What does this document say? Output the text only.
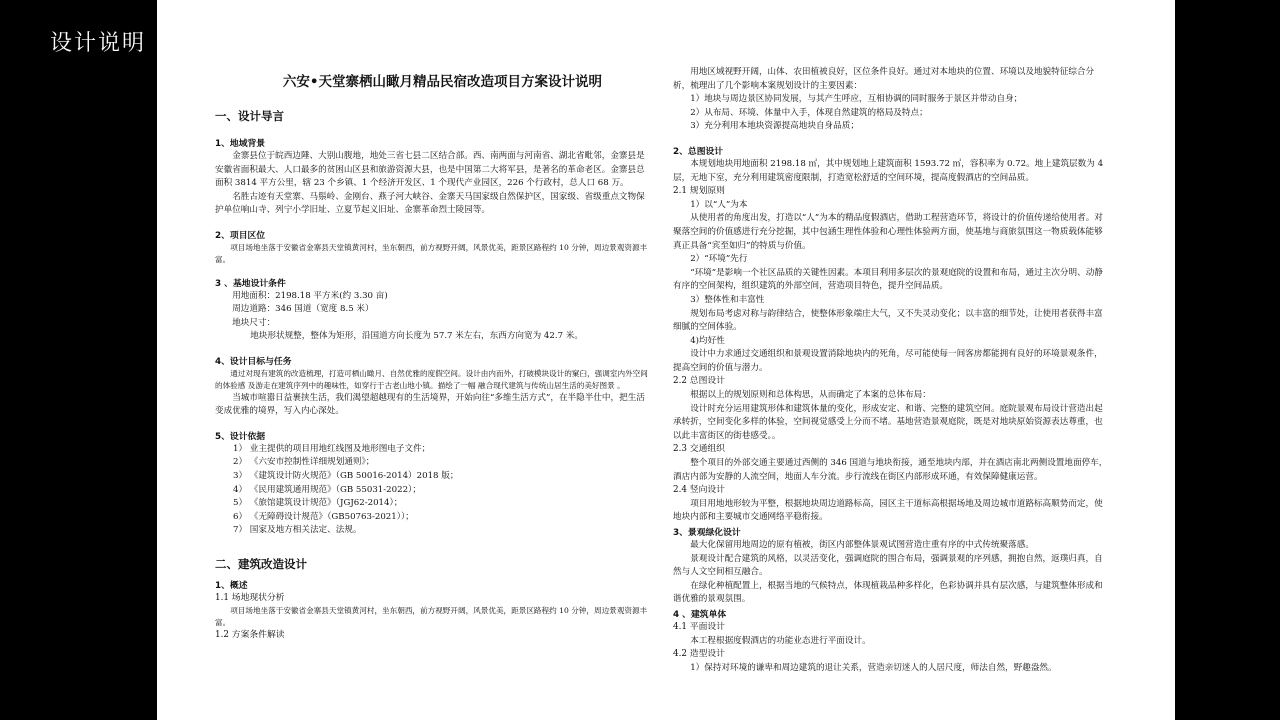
设计说明
六安•天堂寨栖山瞰月精品民宿改造项目方案设计说明
一、设计导言
1、地域背景

金寨县位于皖西边陲、大别山腹地，地处三省七县二区结合部。西、南两面与河南省、湖北省毗邻，金寨县是安徽省面积最大、人口最多的贫困山区县和旅游资源大县，也是中国第二大将军县，是著名的革命老区。金寨县总面积 3814 平方公里，辖 23 个乡镇、1 个经济开发区、1 个现代产业园区，226 个行政村，总人口 68 万。

名胜古迹有天堂寨、马鬃岭、金刚台、燕子河大峡谷、金寨天马国家级自然保护区，国家级、省级重点文物保护单位响山寺、列宁小学旧址、立夏节起义旧址、金寨革命烈士陵园等。

2、项目区位

项目场地坐落于安徽省金寨县天堂镇黄河村，坐东朝西，前方视野开阔，风景优美，距景区路程约 10 分钟，周边景观资源丰富。

3 、基地设计条件

用地面积：2198.18 平方米(约 3.30 亩)

周边道路：346 国道（宽度 8.5 米）

地块尺寸：

地块形状规整，整体为矩形，沿国道方向长度为 57.7 米左右，东西方向宽为 42.7 米。

4、设计目标与任务

通过对现有建筑的改造梳理，打造可栖山瞰月、自然优雅的度假空间。设计由内而外，打破模块设计的窠臼，强调室内外空间的体验感 及游走在建筑序列中的趣味性，如穿行于古老山地小镇。描绘了一幅 融合现代建筑与传统山居生活的美好图景 。

当城市喧嚣日益裹挟生活，我们渴望超越现有的生活境界，开始向往“多维生活方式”，在半隐半仕中，把生活变成优雅的境界，写入内心深处。

5、设计依据

1） 业主提供的项目用地红线图及地形图电子文件；

2） 《六安市控制性详细规划通则》；

3） 《建筑设计防火规范》（GB 50016-2014）2018 版；

4） 《民用建筑通用规范》（GB 55031-2022）；

5） 《旅馆建筑设计规范》（JGJ62-2014）；

6） 《无障碍设计规范》（GB50763-2021））；

7） 国家及地方相关法定、法规。

二、建筑改造设计
1、概述

1.1 场地现状分析

项目场地坐落于安徽省金寨县天堂镇黄河村，坐东朝西，前方视野开阔，风景优美，距景区路程约 10 分钟，周边景观资源丰富。

1.2 方案条件解读

用地区域视野开阔，山体、农田植被良好，区位条件良好。通过对本地块的位置、环境以及地貌特征综合分析，梳理出了几个影响本案规划设计的主要因素：

1）地块与周边景区协同发展，与其产生呼应，互相协调的同时服务于景区并带动自身；

2）从布局、环境、体量中入手，体现自然建筑的格局及特点；

3）充分利用本地块资源提高地块自身品质；

2、总图设计

本规划地块用地面积 2198.18 ㎡，其中规划地上建筑面积 1593.72 ㎡，容积率为 0.72。地上建筑层数为 4 层，无地下室，充分利用建筑密度限制，打造宽松舒适的空间环境，提高度假酒店的空间品质。

2.1 规划原则

1）以“人”为本

从使用者的角度出发，打造以“人”为本的精品度假酒店，借助工程营造环节，将设计的价值传递给使用者。对聚落空间的价值感进行充分挖掘，其中包涵生理性体验和心理性体验两方面，使基地与商旅氛围这一物质载体能够真正具备“宾至如归”的特质与价值。

2）“环境”先行

“环境”是影响一个社区品质的关键性因素。本项目利用多层次的景观庭院的设置和布局，通过主次分明、动静有序的空间架构，组织建筑的外部空间，营造项目特色，提升空间品质。

3）整体性和丰富性

规划布局考虑对称与韵律结合，使整体形象端庄大气，又不失灵动变化；以丰富的细节处，让使用者获得丰富细腻的空间体验。

4)均好性

设计中力求通过交通组织和景观设置消除地块内的死角，尽可能使每一间客房都能拥有良好的环境景观条件，提高空间的价值与潜力。

2.2 总图设计

根据以上的规划原则和总体构思，从而确定了本案的总体布局：

设计时充分运用建筑形体和建筑体量的变化，形成安定、和谐、完整的建筑空间。庭院景观布局设计营造出起承转折，空间变化多样的体验，空间视觉感受上分而不堵。基地营造景观庭院，既是对地块原始资源表达尊重，也以此丰富街区的街巷感受。。

2.3 交通组织

整个项目的外部交通主要通过西侧的 346 国道与地块衔接，通至地块内部，并在酒店南北两侧设置地面停车，酒店内部为安静的人流空间，地面人车分流。步行流线在街区内部形成环通，有效保障健康运营。

2.4 竖向设计

项目用地地形较为平整，根据地块周边道路标高，园区主干道标高根据场地及周边城市道路标高顺势而定，使地块内部和主要城市交通网络平稳衔接。

3、景观绿化设计

最大化保留用地周边的原有植被，街区内部整体景观试图营造庄重有序的中式传统聚落感。

景观设计配合建筑的风格，以灵活变化，强调庭院的围合布局，强调景观的序列感，拥抱自然，返璞归真，自然与人文空间相互融合。

在绿化种植配置上，根据当地的气候特点，体现植栽品种多样化，色彩协调并具有层次感，与建筑整体形成和谐优雅的景观氛围。

4 、建筑单体

4.1 平面设计

本工程根据度假酒店的功能业态进行平面设计。

4.2 造型设计

1）保持对环境的谦卑和周边建筑的退让关系，营造亲切迷人的人居尺度，师法自然，野趣盎然。
